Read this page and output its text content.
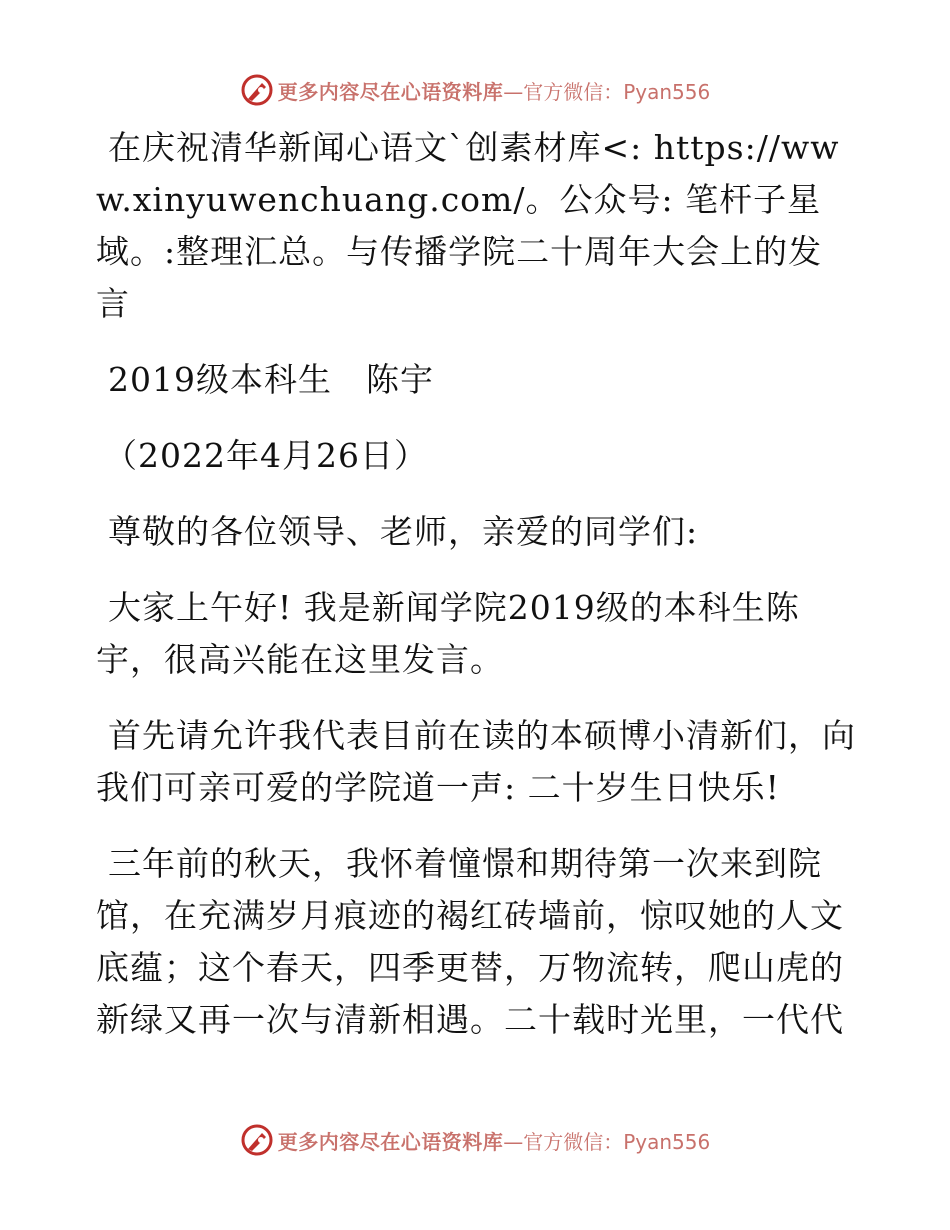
更多内容尽在心语资料库 —官方微信：Pyan556

在庆祝清华新闻心语文`创素材库<: https://www.xinyuwenchuang.com/。公众号: 笔杆子星域。:整理汇总。与传播学院二十周年大会上的发言

2019级本科生　陈宇

（2022年4月26日）

尊敬的各位领导、老师，亲爱的同学们:

大家上午好! 我是新闻学院2019级的本科生陈宇，很高兴能在这里发言。

首先请允许我代表目前在读的本硕博小清新们，向我们可亲可爱的学院道一声: 二十岁生日快乐!

三年前的秋天，我怀着憧憬和期待第一次来到院馆，在充满岁月痕迹的褐红砖墙前，惊叹她的人文底蕴；这个春天，四季更替，万物流转，爬山虎的新绿又再一次与清新相遇。二十载时光里，一代代

更多内容尽在心语资料库 —官方微信：Pyan556
